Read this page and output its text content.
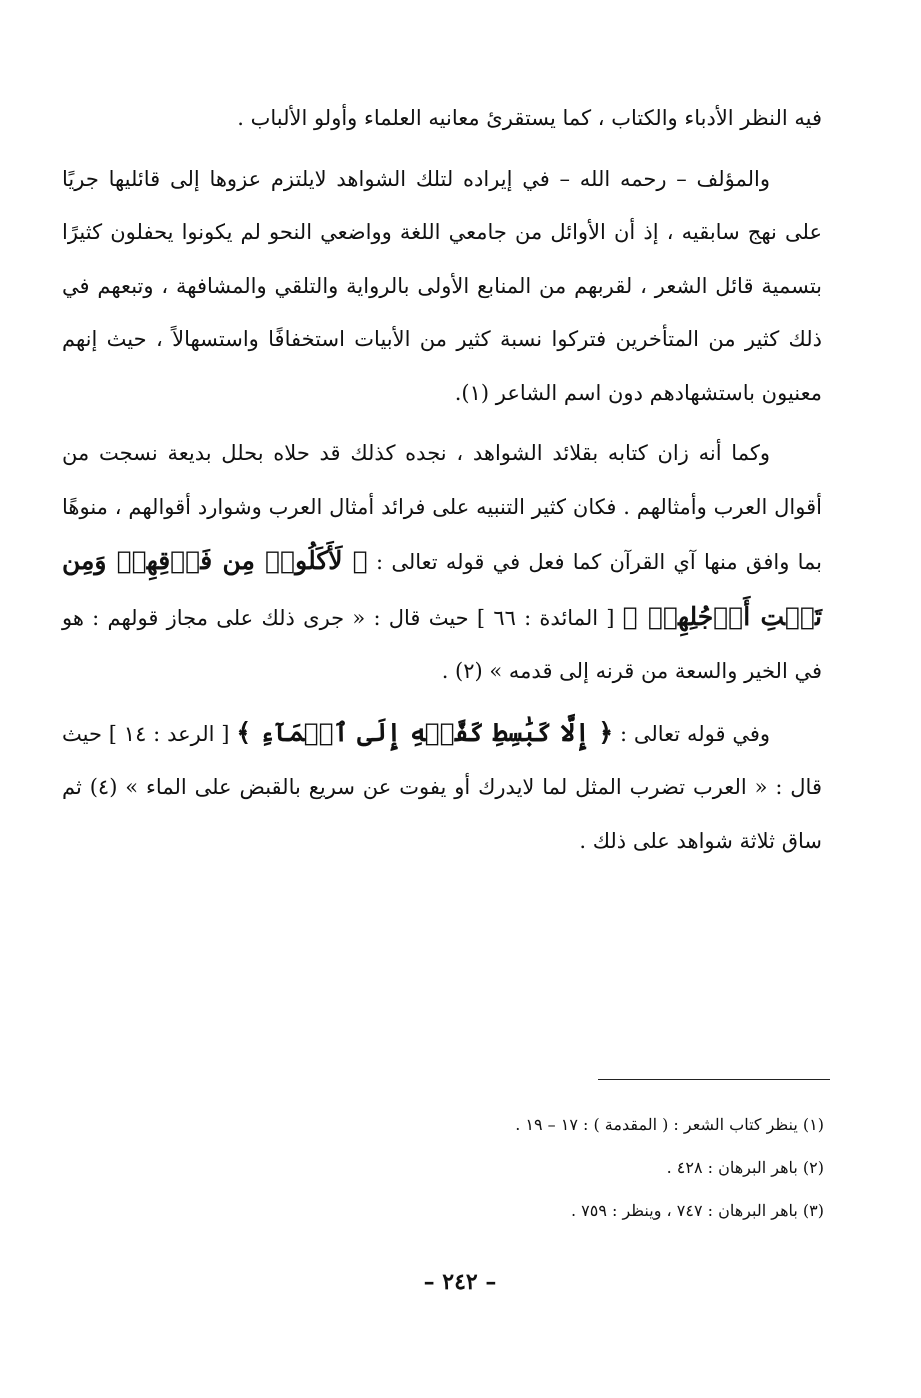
فيه النظر الأدباء والكتاب ، كما يستقرئ معانيه العلماء وأولو الألباب .

والمؤلف – رحمه الله – في إيراده لتلك الشواهد لايلتزم عزوها إلى قائليها جريًا على نهج سابقيه ، إذ أن الأوائل من جامعي اللغة وواضعي النحو لم يكونوا يحفلون كثيرًا بتسمية قائل الشعر ، لقربهم من المنابع الأولى بالرواية والتلقي والمشافهة ، وتبعهم في ذلك كثير من المتأخرين فتركوا نسبة كثير من الأبيات استخفافًا واستسهالاً ، حيث إنهم معنيون باستشهادهم دون اسم الشاعر (١).

وكما أنه زان كتابه بقلائد الشواهد ، نجده كذلك قد حلاه بحلل بديعة نسجت من أقوال العرب وأمثالهم . فكان كثير التنبيه على فرائد أمثال العرب وشوارد أقوالهم ، منوهًا بما وافق منها آي القرآن كما فعل في قوله تعالى : ﴿ لَأَكَلُوا۟ مِن فَوۡقِهِمۡ وَمِن تَحۡتِ أَرۡجُلِهِمۚ ﴾ [ المائدة : ٦٦ ] حيث قال : « جرى ذلك على مجاز قولهم : هو في الخير والسعة من قرنه إلى قدمه » (٢) .

وفي قوله تعالى : ﴿ إِلَّا كَبَٰسِطِ كَفَّيۡهِ إِلَى ٱلۡمَآءِ ﴾ [ الرعد : ١٤ ] حيث قال : « العرب تضرب المثل لما لايدرك أو يفوت عن سريع بالقبض على الماء » (٤) ثم ساق ثلاثة شواهد على ذلك .

(١) ينظر كتاب الشعر : ( المقدمة ) : ١٧ – ١٩ .

(٢) باهر البرهان : ٤٢٨ .

(٣) باهر البرهان : ٧٤٧ ، وينظر : ٧٥٩ .

– ٢٤٢ –
